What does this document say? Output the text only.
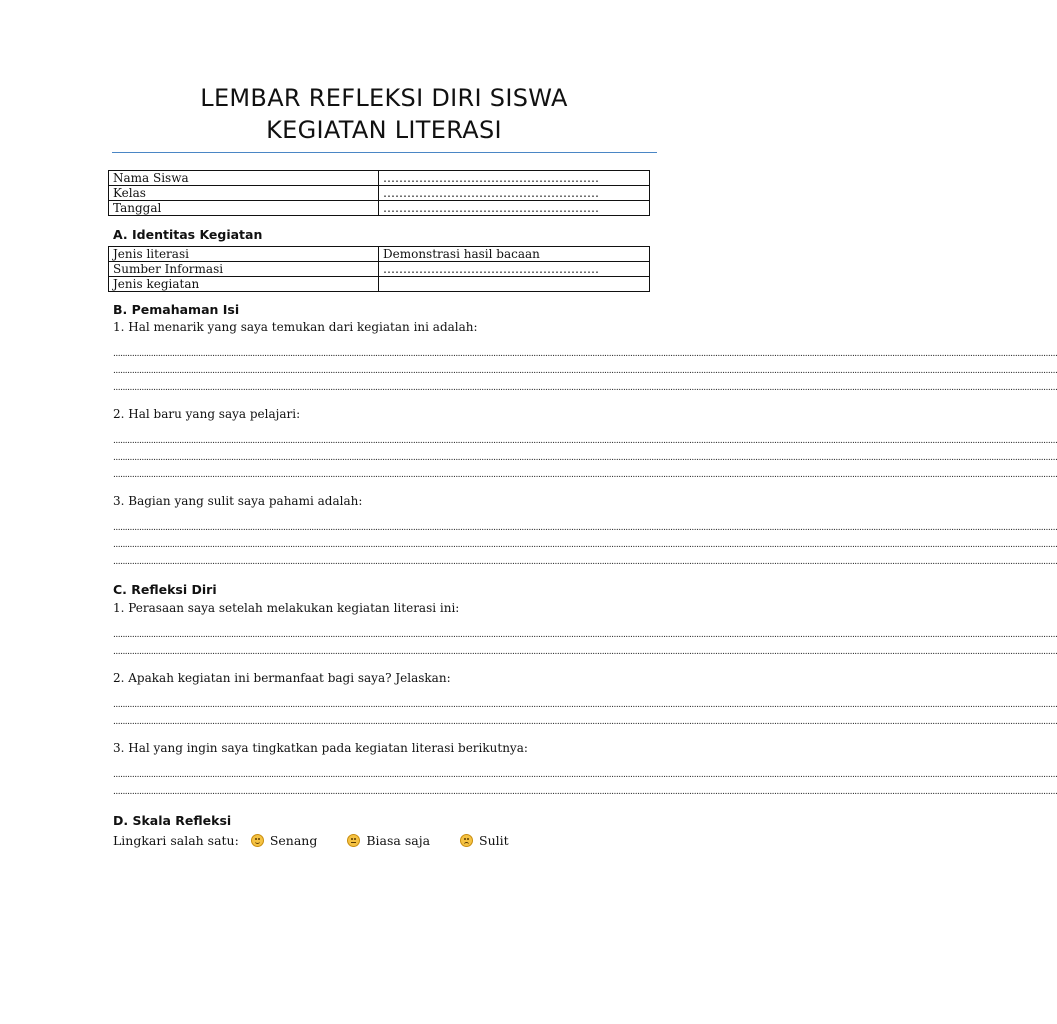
LEMBAR REFLEKSI DIRI SISWA
KEGIATAN LITERASI
Nama Siswa	………………………………………………
Kelas	………………………………………………
Tanggal	………………………………………………
A. Identitas Kegiatan
Jenis literasi	Demonstrasi hasil bacaan
Sumber Informasi	………………………………………………
Jenis kegiatan	
B. Pemahaman Isi
1. Hal menarik yang saya temukan dari kegiatan ini adalah:
................................................................................................................................................................................................................................................................................................................................................................................................................
................................................................................................................................................................................................................................................................................................................................................................................................................
................................................................................................................................................................................................................................................................................................................................................................................................................
2. Hal baru yang saya pelajari:
................................................................................................................................................................................................................................................................................................................................................................................................................
................................................................................................................................................................................................................................................................................................................................................................................................................
................................................................................................................................................................................................................................................................................................................................................................................................................
3. Bagian yang sulit saya pahami adalah:
................................................................................................................................................................................................................................................................................................................................................................................................................
................................................................................................................................................................................................................................................................................................................................................................................................................
................................................................................................................................................................................................................................................................................................................................................................................................................
C. Refleksi Diri
1. Perasaan saya setelah melakukan kegiatan literasi ini:
................................................................................................................................................................................................................................................................................................................................................................................................................
................................................................................................................................................................................................................................................................................................................................................................................................................
2. Apakah kegiatan ini bermanfaat bagi saya? Jelaskan:
................................................................................................................................................................................................................................................................................................................................................................................................................
................................................................................................................................................................................................................................................................................................................................................................................................................
3. Hal yang ingin saya tingkatkan pada kegiatan literasi berikutnya:
................................................................................................................................................................................................................................................................................................................................................................................................................
................................................................................................................................................................................................................................................................................................................................................................................................................
D. Skala Refleksi
Lingkari salah satu: Senang	Biasa saja	Sulit
